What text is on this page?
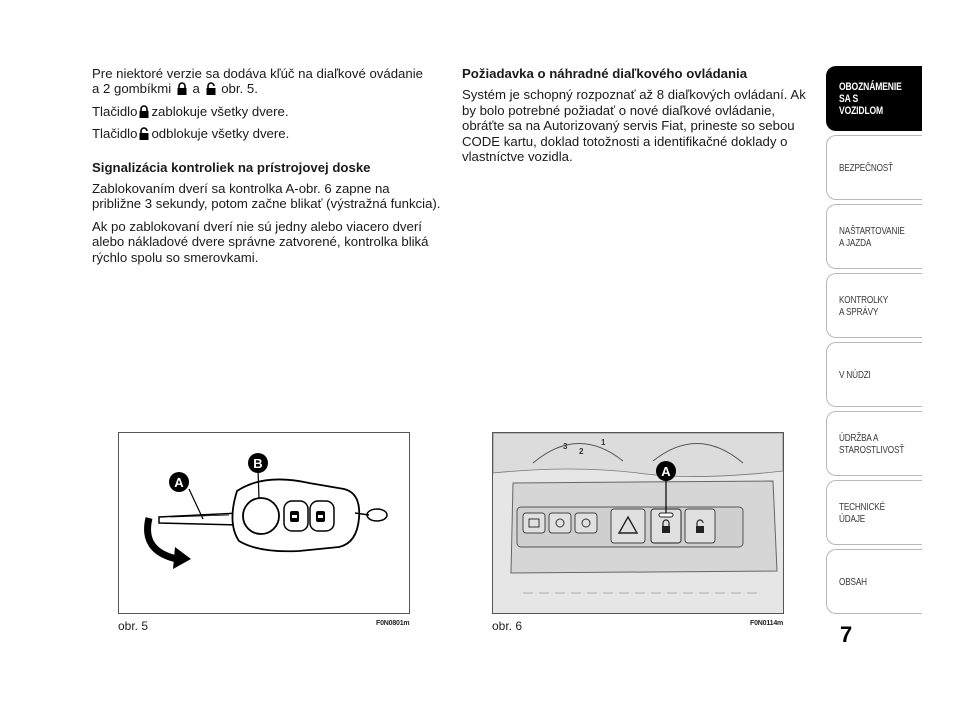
Pre niektoré verzie sa dodáva kľúč na diaľkové ovádanie
a 2 gombíkmi a obr. 5.

Tlačidlo zablokuje všetky dvere.

Tlačidlo odblokuje všetky dvere.

Signalizácia kontroliek na prístrojovej doske

Zablokovaním dverí sa kontrolka A-obr. 6 zapne na približne 3 sekundy, potom začne blikať (výstražná funkcia).

Ak po zablokovaní dverí nie sú jedny alebo viacero dverí alebo nákladové dvere správne zatvorené, kontrolka bliká rýchlo spolu so smerovkami.

Požiadavka o náhradné diaľkového ovládania

Systém je schopný rozpoznať až 8 diaľkových ovládaní. Ak by bolo potrebné požiadať o nové diaľkové ovládanie, obráťte sa na Autorizovaný servis Fiat, prineste so sebou CODE kartu, doklad totožnosti a identifikačné doklady o vlastníctve vozidla.

OBOZNÁMENIE
SA S VOZIDLOM
BEZPEČNOSŤ
NAŠTARTOVANIE
A JAZDA
KONTROLKY
A SPRÁVY
V NÚDZI
ÚDRŽBA A
STAROSTLIVOSŤ
TECHNICKÉ
ÚDAJE
OBSAH
7
A
B
obr. 5	F0N0801m
3
2
1
A
obr. 6	F0N0114m
